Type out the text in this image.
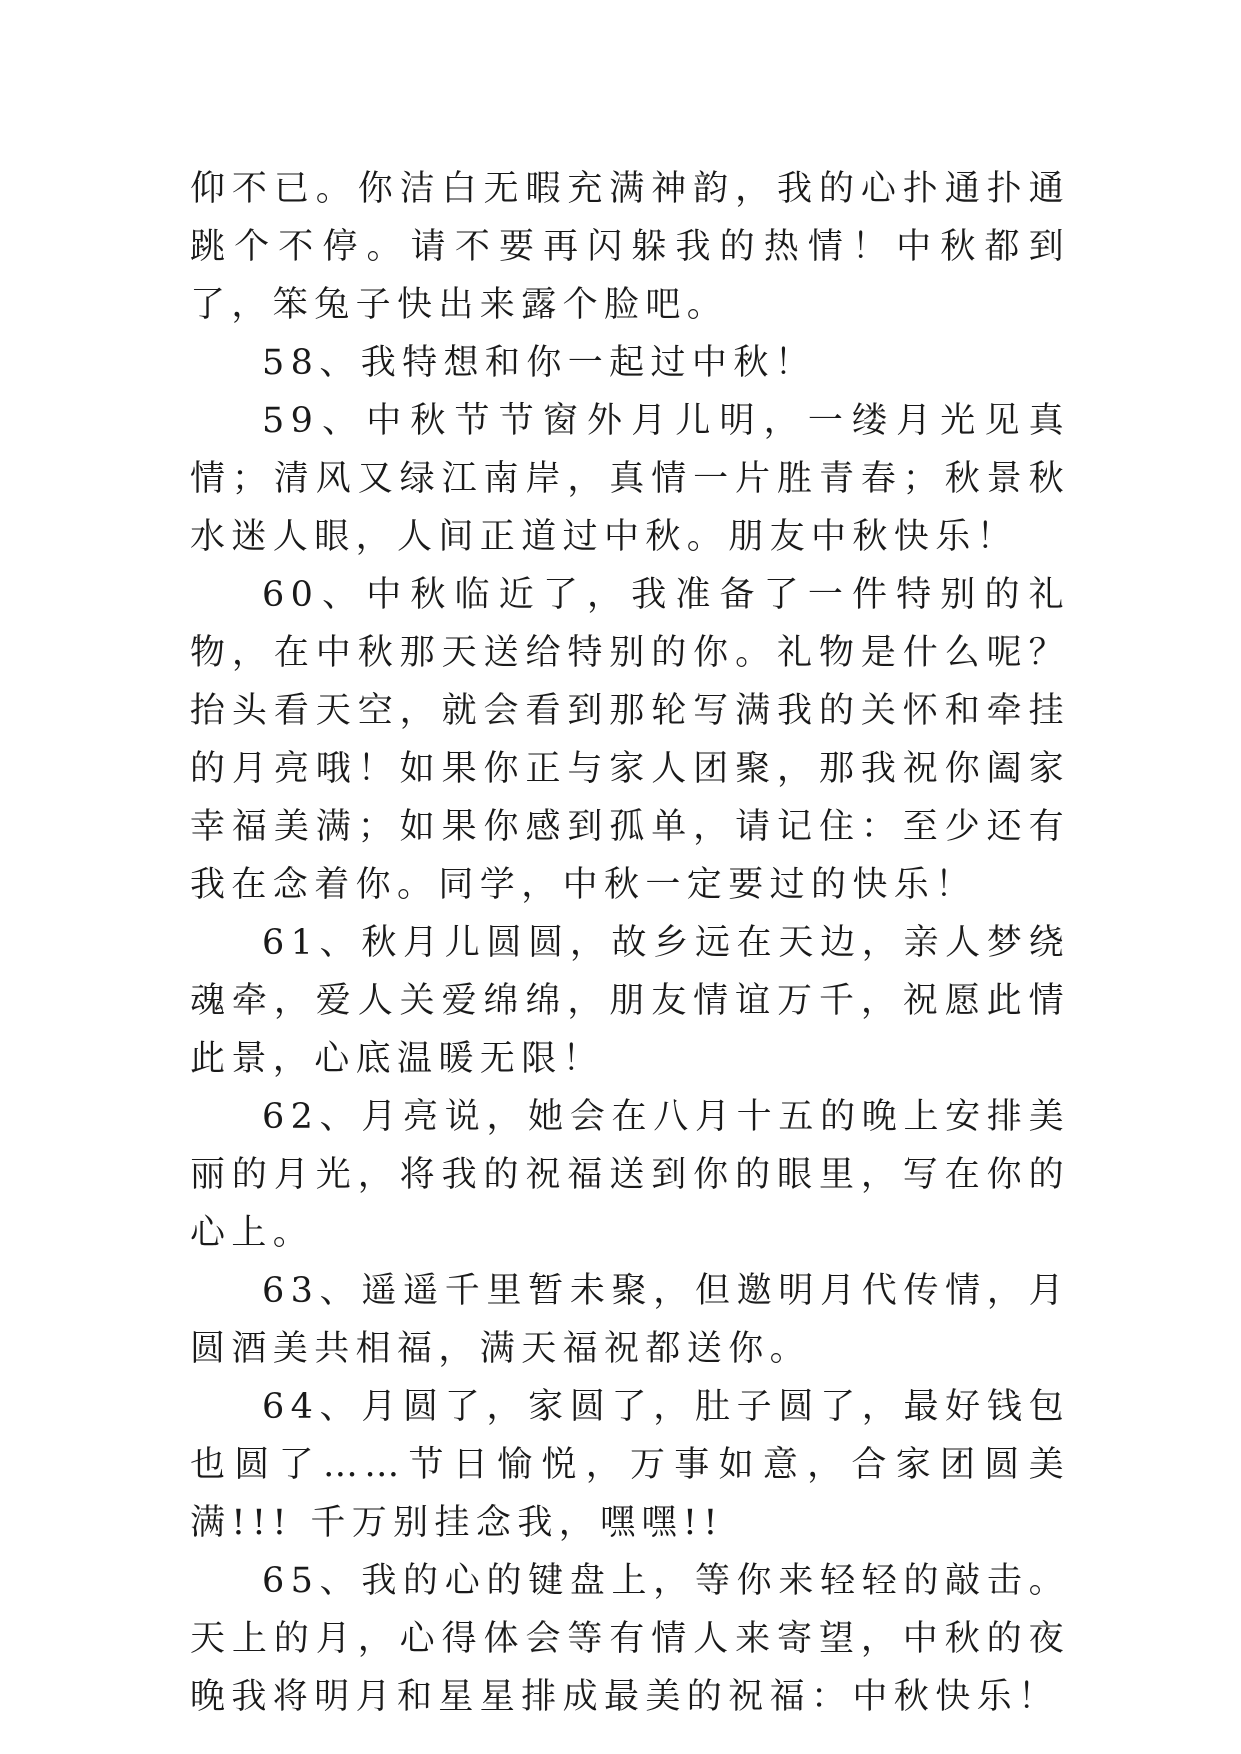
仰不已。你洁白无暇充满神韵，我的心扑通扑通跳个不停。请不要再闪躲我的热情！中秋都到了，笨兔子快出来露个脸吧。

58、我特想和你一起过中秋！

59、中秋节节窗外月儿明，一缕月光见真情；清风又绿江南岸，真情一片胜青春；秋景秋水迷人眼，人间正道过中秋。朋友中秋快乐！

60、中秋临近了，我准备了一件特别的礼物，在中秋那天送给特别的你。礼物是什么呢？抬头看天空，就会看到那轮写满我的关怀和牵挂的月亮哦！如果你正与家人团聚，那我祝你阖家幸福美满；如果你感到孤单，请记住：至少还有我在念着你。同学，中秋一定要过的快乐！

61、秋月儿圆圆，故乡远在天边，亲人梦绕魂牵，爱人关爱绵绵，朋友情谊万千，祝愿此情此景，心底温暖无限！

62、月亮说，她会在八月十五的晚上安排美丽的月光，将我的祝福送到你的眼里，写在你的心上。

63、遥遥千里暂未聚，但邀明月代传情，月圆酒美共相福，满天福祝都送你。

64、月圆了，家圆了，肚子圆了，最好钱包也圆了……节日愉悦，万事如意，合家团圆美满!!! 千万别挂念我，嘿嘿!!

65、我的心的键盘上，等你来轻轻的敲击。天上的月，心得体会等有情人来寄望，中秋的夜晚我将明月和星星排成最美的祝福：中秋快乐！
